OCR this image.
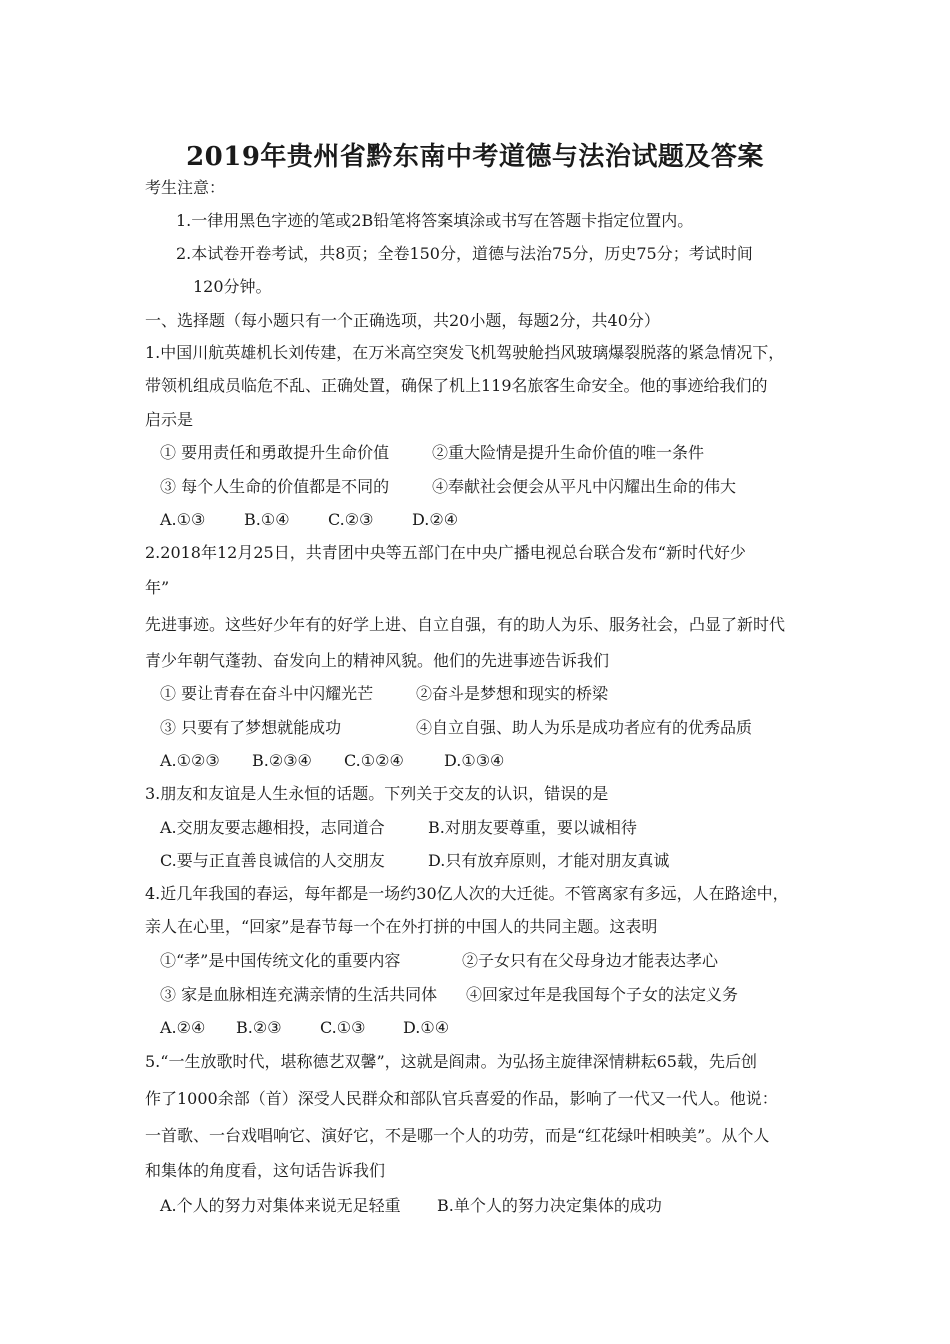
2019年贵州省黔东南中考道德与法治试题及答案
考生注意：
1.一律用黑色字迹的笔或2B铅笔将答案填涂或书写在答题卡指定位置内。
2.本试卷开卷考试，共8页；全卷150分，道德与法治75分，历史75分；考试时间
120分钟。
一、选择题（每小题只有一个正确选项，共20小题，每题2分，共40分）
1.中国川航英雄机长刘传建，在万米高空突发飞机驾驶舱挡风玻璃爆裂脱落的紧急情况下，
带领机组成员临危不乱、正确处置，确保了机上119名旅客生命安全。他的事迹给我们的
启示是
① 要用责任和勇敢提升生命价值	②重大险情是提升生命价值的唯一条件
③ 每个人生命的价值都是不同的	④奉献社会便会从平凡中闪耀出生命的伟大
A.①③ B.①④ C.②③ D.②④
2.2018年12月25日，共青团中央等五部门在中央广播电视总台联合发布“新时代好少
年”
先进事迹。这些好少年有的好学上进、自立自强，有的助人为乐、服务社会，凸显了新时代
青少年朝气蓬勃、奋发向上的精神风貌。他们的先进事迹告诉我们
① 要让青春在奋斗中闪耀光芒	②奋斗是梦想和现实的桥梁
③ 只要有了梦想就能成功	④自立自强、助人为乐是成功者应有的优秀品质
A.①②③ B.②③④ C.①②④	D.①③④
3.朋友和友谊是人生永恒的话题。下列关于交友的认识，错误的是
A.交朋友要志趣相投，志同道合	B.对朋友要尊重，要以诚相待
C.要与正直善良诚信的人交朋友	D.只有放弃原则，才能对朋友真诚
4.近几年我国的春运，每年都是一场约30亿人次的大迁徙。不管离家有多远，人在路途中，
亲人在心里，“回家”是春节每一个在外打拼的中国人的共同主题。这表明
①“孝”是中国传统文化的重要内容	②子女只有在父母身边才能表达孝心
③ 家是血脉相连充满亲情的生活共同体 ④回家过年是我国每个子女的法定义务
A.②④ B.②③ C.①③ D.①④
5.“一生放歌时代，堪称德艺双馨”，这就是阎肃。为弘扬主旋律深情耕耘65载，先后创
作了1000余部（首）深受人民群众和部队官兵喜爱的作品，影响了一代又一代人。他说：
一首歌、一台戏唱响它、演好它，不是哪一个人的功劳，而是“红花绿叶相映美”。从个人
和集体的角度看，这句话告诉我们
A.个人的努力对集体来说无足轻重 B.单个人的努力决定集体的成功
